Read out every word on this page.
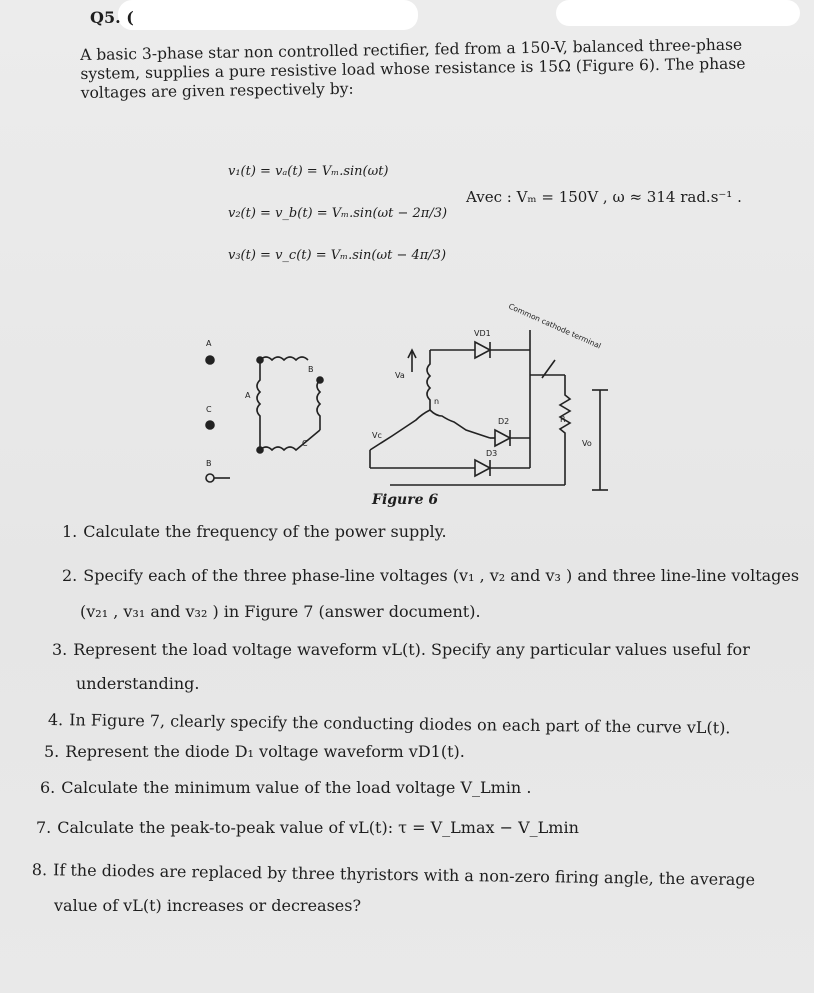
Q5. (
A basic 3-phase star non controlled rectifier, fed from a 150-V, balanced three-phase system, supplies a pure resistive load whose resistance is 15Ω (Figure 6). The phase voltages are given respectively by:
v₁(t) = vₐ(t) = Vₘ.sin(ωt)
v₂(t) = v_b(t) = Vₘ.sin(ωt − 2π/3)
v₃(t) = v_c(t) = Vₘ.sin(ωt − 4π/3)
Avec : Vₘ = 150V , ω ≈ 314 rad.s⁻¹ .
A
C
B
A
B
C
Va
Vc
n
VD1
D2
D3
R
Vo
Common cathode terminal
Figure 6
1. Calculate the frequency of the power supply.
2. Specify each of the three phase-line voltages (v₁ , v₂ and v₃ ) and three line-line voltages
(v₂₁ , v₃₁ and v₃₂ ) in Figure 7 (answer document).
3. Represent the load voltage waveform vL(t). Specify any particular values useful for
understanding.
4. In Figure 7, clearly specify the conducting diodes on each part of the curve vL(t).
5. Represent the diode D₁ voltage waveform vD1(t).
6. Calculate the minimum value of the load voltage V_Lmin .
7. Calculate the peak-to-peak value of vL(t): τ = V_Lmax − V_Lmin
8. If the diodes are replaced by three thyristors with a non-zero firing angle, the average
value of vL(t) increases or decreases?
